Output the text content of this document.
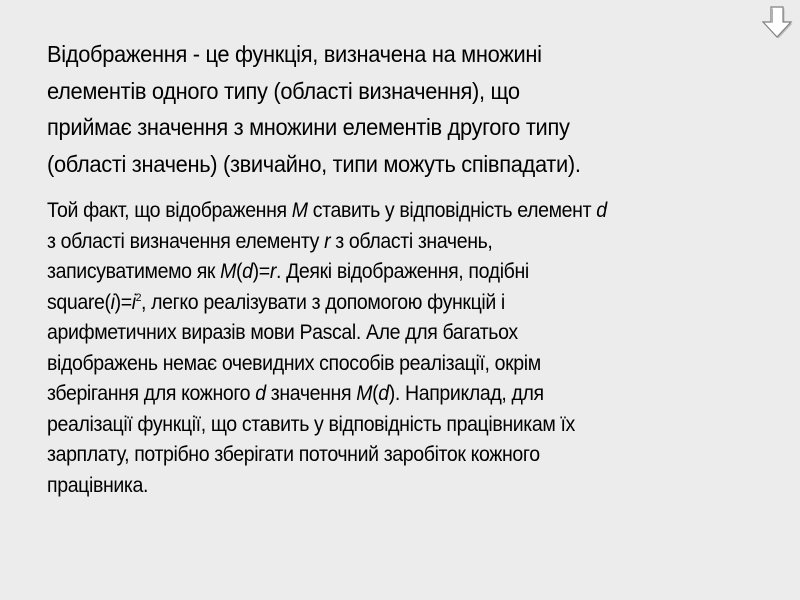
Відображення - це функція, визначена на множині
елементів одного типу (області визначення), що
приймає значення з множини елементів другого типу
(області значень) (звичайно, типи можуть співпадати).

Той факт, що відображення M ставить у відповідність елемент d
з області визначення елементу r з області значень,
записуватимемо як M(d)=r. Деякі відображення, подібні
$square(i)=i^2$, легко реалізувати з допомогою функцій і
арифметичних виразів мови Pascal. Але для багатьох
відображень немає очевидних способів реалізації, окрім
зберігання для кожного d значення M(d). Наприклад, для
реалізації функції, що ставить у відповідність працівникам їх
зарплату, потрібно зберігати поточний заробіток кожного
працівника.
